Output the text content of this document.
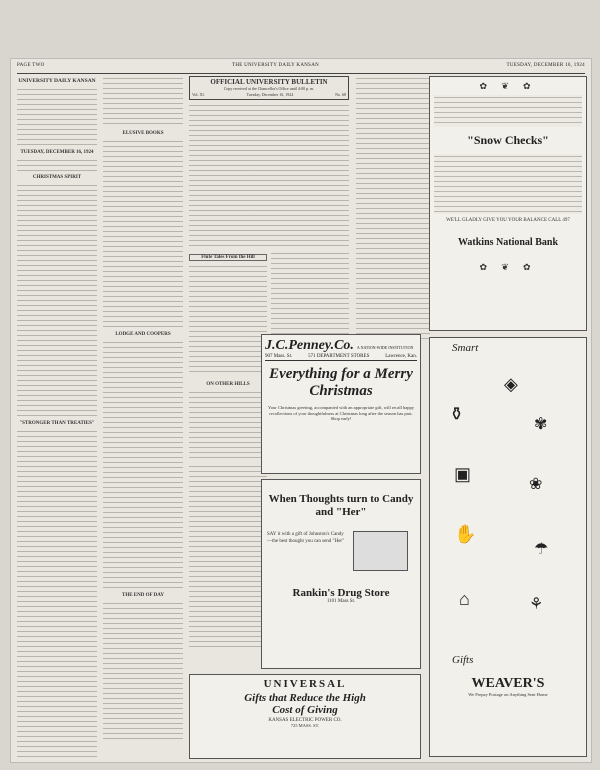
PAGE TWO	THE UNIVERSITY DAILY KANSAN	TUESDAY, DECEMBER 16, 1924
UNIVERSITY DAILY KANSAN
TUESDAY, DECEMBER 16, 1924
CHRISTMAS SPIRIT
"STRONGER THAN TREATIES"
ELUSIVE BOOKS
LODGE AND COOPERS
THE END OF DAY
OFFICIAL UNIVERSITY BULLETIN
Copy received at the Chancellor's Office until 4:00 p. m.
Vol. XI.	Tuesday, December 16, 1924	No. 68
Flute Tales From the Hill
ON OTHER HILLS
J.C.Penney.Co. A NATION-WIDE INSTITUTION
907 Mass. St.	571 DEPARTMENT STORES	Lawrence, Kan.
Everything for a Merry Christmas
Your Christmas greeting, accompanied with an appropriate gift, will recall happy recollections of your thoughtfulness at Christmas long after the season has past. Shop early!
When Thoughts turn to Candy and "Her"
SAY it with a gift of Johnston's Candy—the best thought you can send "Her"
Rankin's Drug Store
1101 Mass St.
UNIVERSAL
Gifts that Reduce the High Cost of Giving
KANSAS ELECTRIC POWER CO.
725 MASS. ST.
✿ ❦ ✿
"Snow Checks"
WE'LL GLADLY GIVE YOU YOUR BALANCE CALL 497
Watkins National Bank
✿ ❦ ✿
Smart
◈
⚱
✾
▣
❀
✋
☂
⌂	⚘
Gifts
WEAVER'S
We Prepay Postage on Anything Sent Home
